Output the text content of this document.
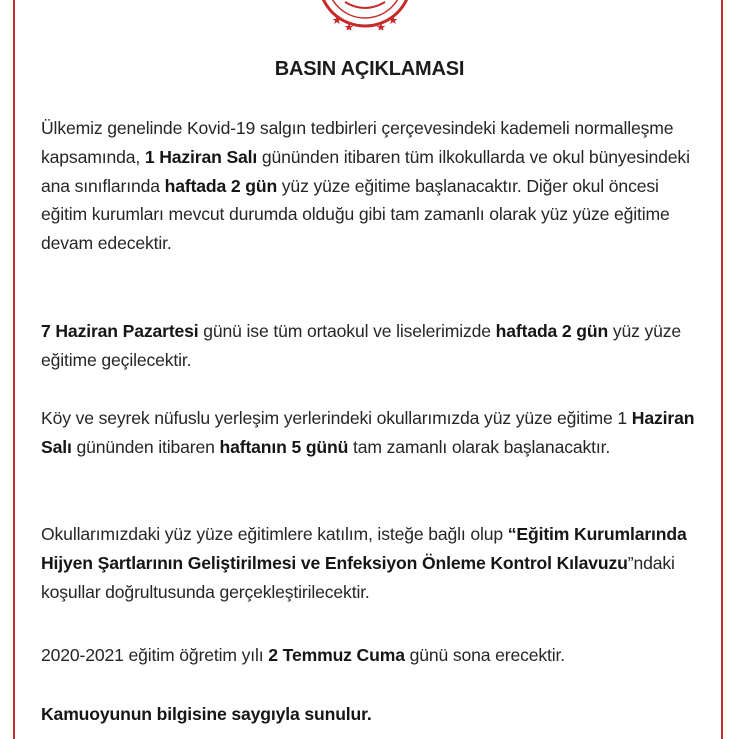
BASIN AÇIKLAMASI
Ülkemiz genelinde Kovid-19 salgın tedbirleri çerçevesindeki kademeli normalleşme kapsamında, 1 Haziran Salı gününden itibaren tüm ilkokullarda ve okul bünyesindeki ana sınıflarında haftada 2 gün yüz yüze eğitime başlanacaktır. Diğer okul öncesi eğitim kurumları mevcut durumda olduğu gibi tam zamanlı olarak yüz yüze eğitime devam edecektir.
7 Haziran Pazartesi günü ise tüm ortaokul ve liselerimizde haftada 2 gün yüz yüze eğitime geçilecektir.
Köy ve seyrek nüfuslu yerleşim yerlerindeki okullarımızda yüz yüze eğitime 1 Haziran Salı gününden itibaren haftanın 5 günü tam zamanlı olarak başlanacaktır.
Okullarımızdaki yüz yüze eğitimlere katılım, isteğe bağlı olup “Eğitim Kurumlarında Hijyen Şartlarının Geliştirilmesi ve Enfeksiyon Önleme Kontrol Kılavuzu”ndaki koşullar doğrultusunda gerçekleştirilecektir.
2020-2021 eğitim öğretim yılı 2 Temmuz Cuma günü sona erecektir.
Kamuoyunun bilgisine saygıyla sunulur.
